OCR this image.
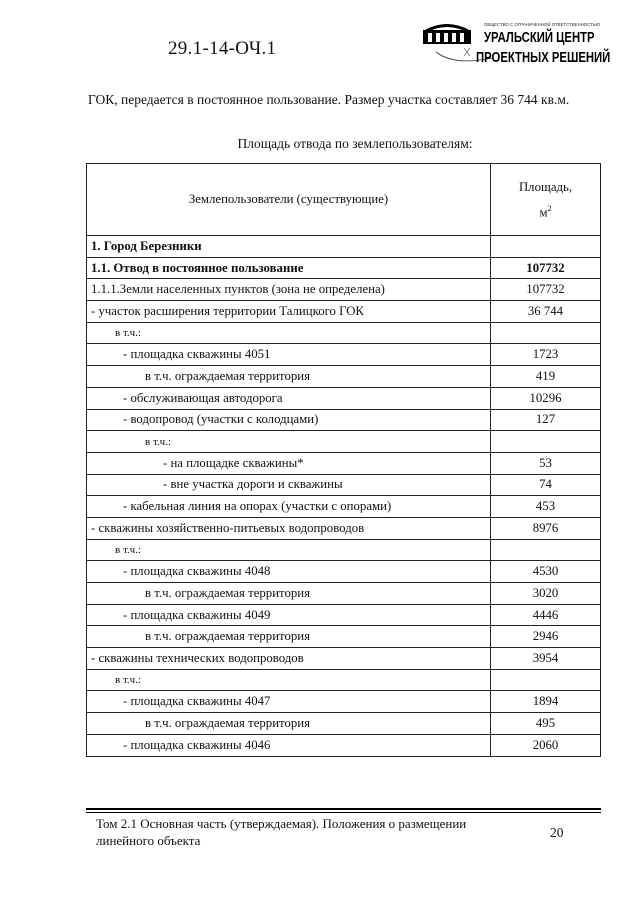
29.1-14-ОЧ.1
ОБЩЕСТВО С ОГРАНИЧЕННОЙ ОТВЕТСТВЕННОСТЬЮ
УРАЛЬСКИЙ ЦЕНТР
ПРОЕКТНЫХ РЕШЕНИЙ
ГОК, передается в постоянное пользование. Размер участка составляет 36 744 кв.м.
Площадь отвода по землепользователям:
Землепользователи (существующие)	Площадь,
$м^2$
1. Город Березники	
1.1. Отвод в постоянное пользование	107732
1.1.1.Земли населенных пунктов (зона не определена)	107732
- участок расширения территории Талицкого ГОК	36 744
в т.ч.:	
- площадка скважины 4051	1723
в т.ч. ограждаемая территория	419
- обслуживающая автодорога	10296
- водопровод (участки с колодцами)	127
в т.ч.:	
- на площадке скважины*	53
- вне участка дороги и скважины	74
- кабельная линия на опорах (участки с опорами)	453
- скважины хозяйственно-питьевых водопроводов	8976
в т.ч.:	
- площадка скважины 4048	4530
в т.ч. ограждаемая территория	3020
- площадка скважины 4049	4446
в т.ч. ограждаемая территория	2946
- скважины технических водопроводов	3954
в т.ч.:	
- площадка скважины 4047	1894
в т.ч. ограждаемая территория	495
- площадка скважины 4046	2060
Том 2.1 Основная часть (утверждаемая). Положения о размещении линейного объекта
20
